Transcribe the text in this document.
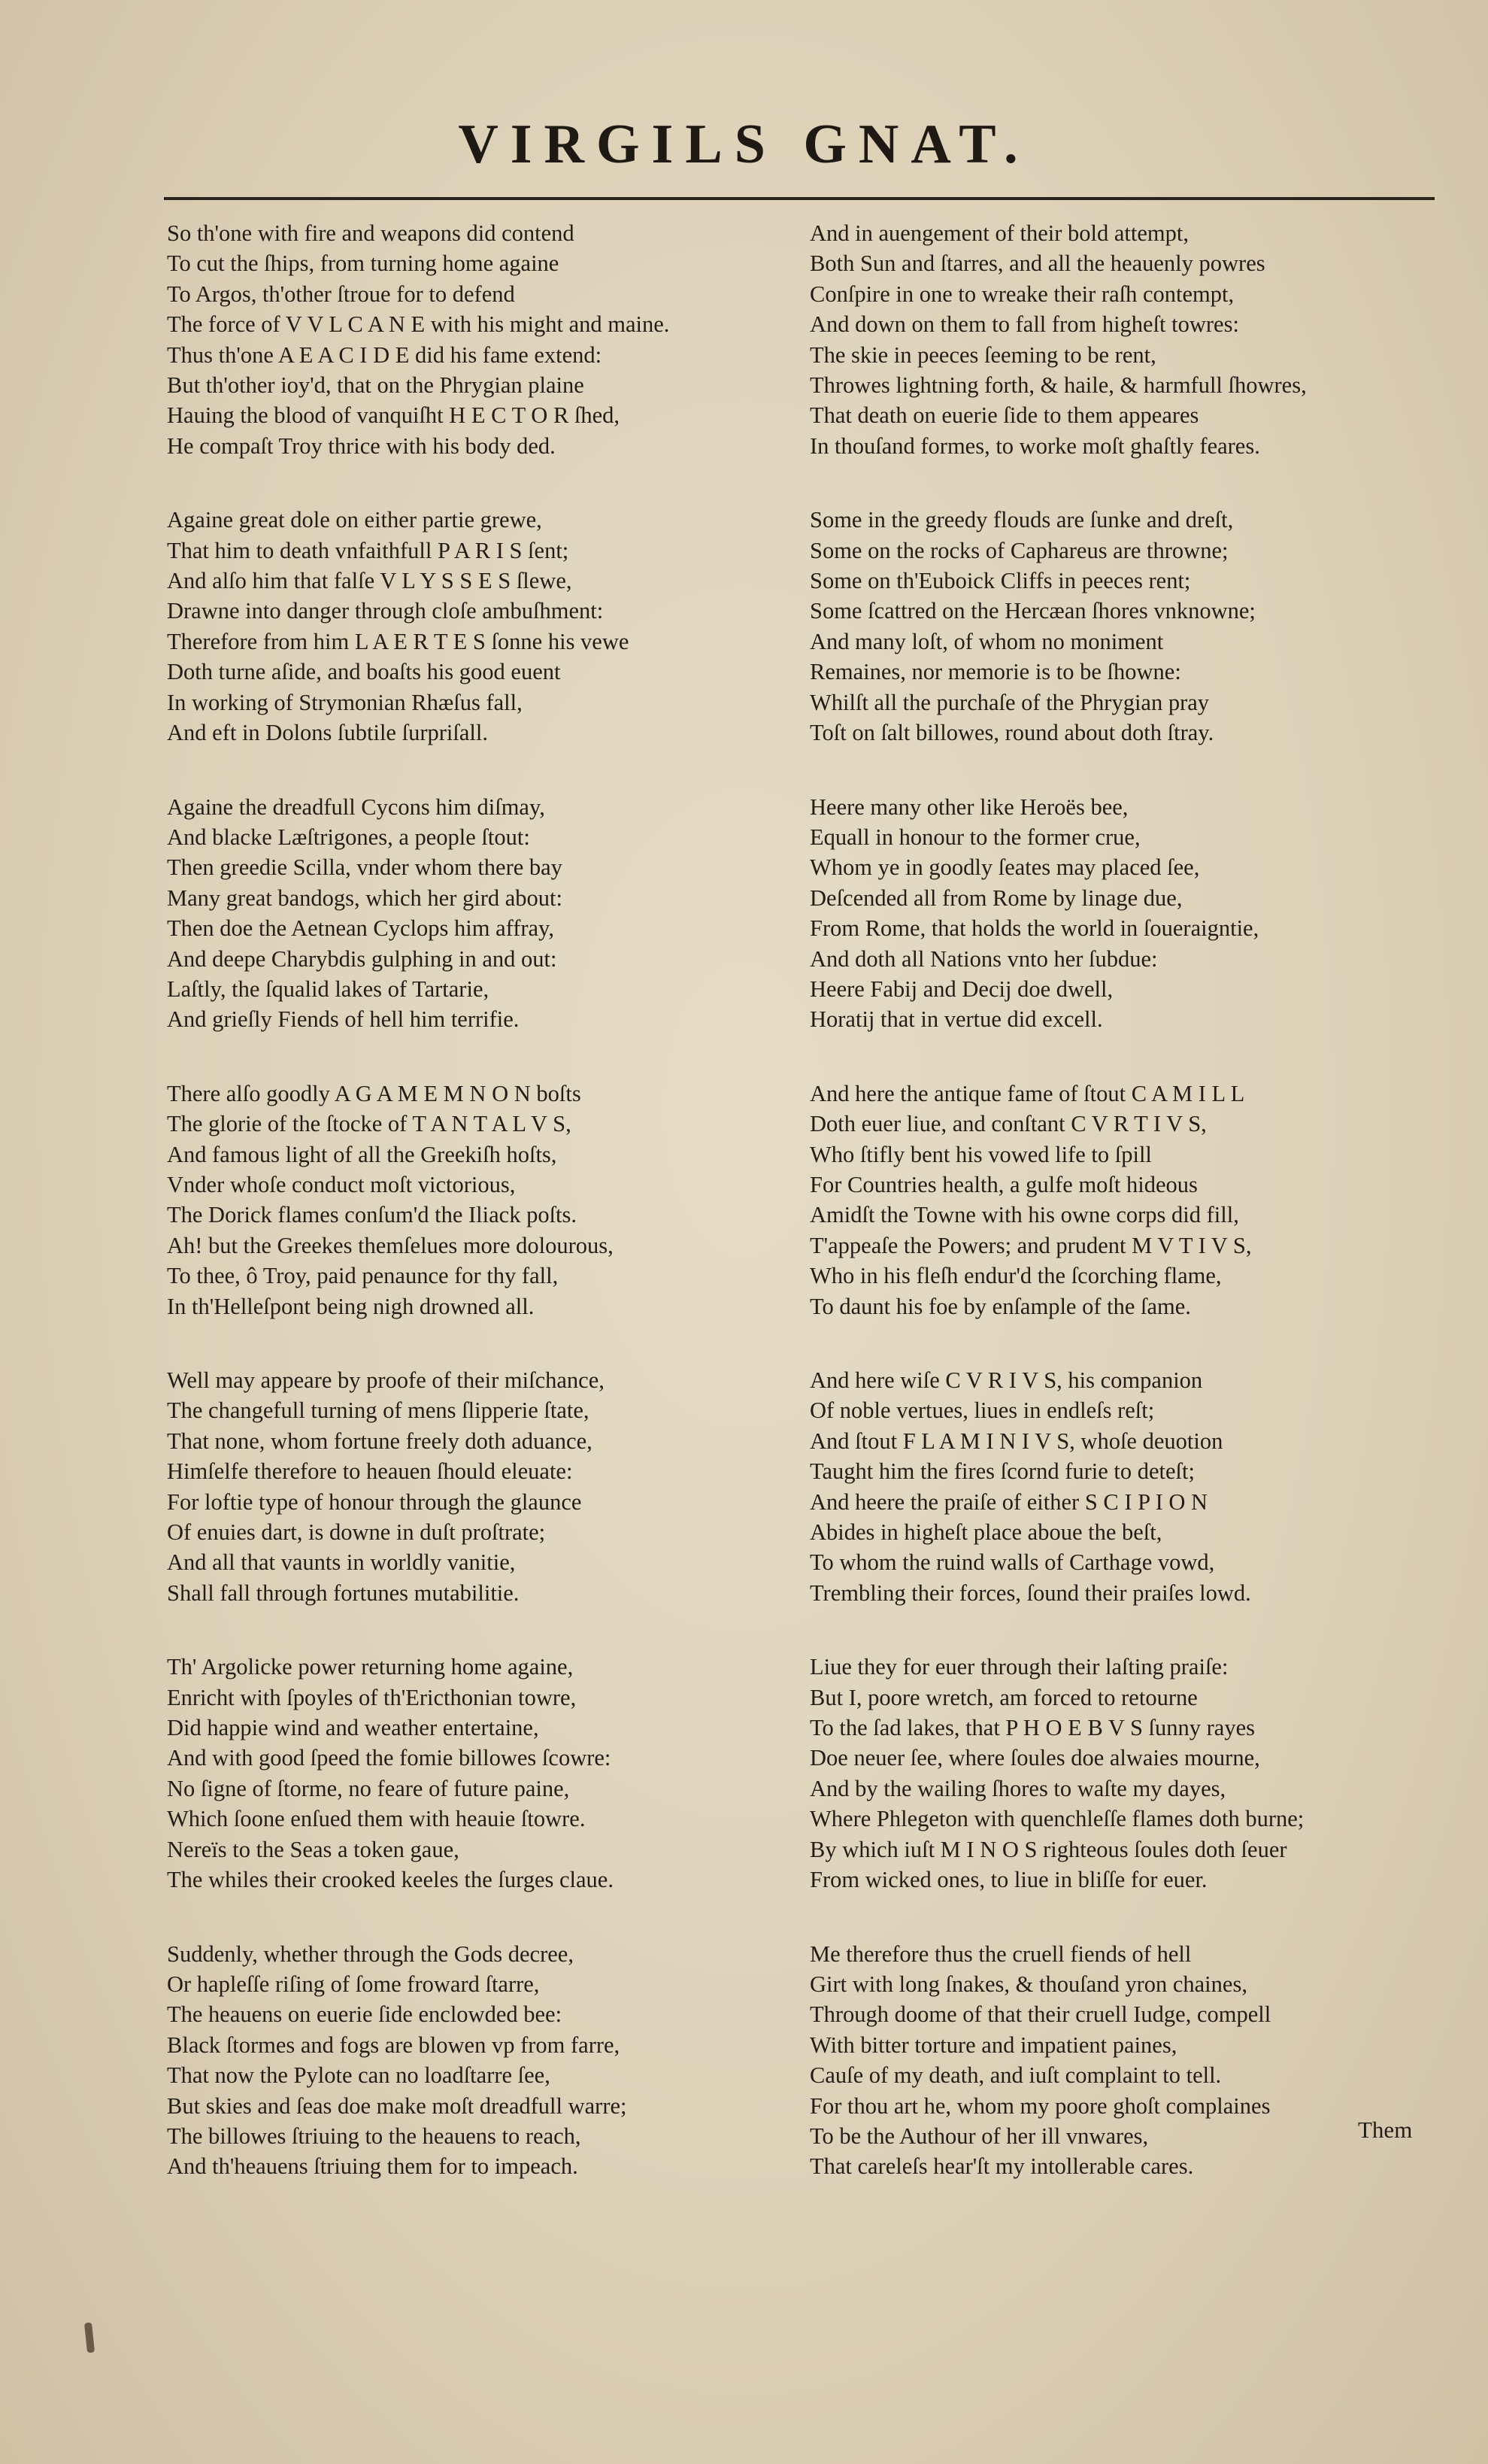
VIRGILS GNAT.
So th'one with fire and weapons did contend
To cut the ſhips, from turning home againe
To Argos, th'other ſtroue for to defend
The force of V V L C A N E with his might and maine.
Thus th'one A E A C I D E did his fame extend:
But th'other ioy'd, that on the Phrygian plaine
Hauing the blood of vanquiſht H E C T O R ſhed,
He compaſt Troy thrice with his body ded.
Againe great dole on either partie grewe,
That him to death vnfaithfull P A R I S ſent;
And alſo him that falſe V L Y S S E S ſlewe,
Drawne into danger through cloſe ambuſhment:
Therefore from him L A E R T E S ſonne his vewe
Doth turne aſide, and boaſts his good euent
In working of Strymonian Rhæſus fall,
And eft in Dolons ſubtile ſurpriſall.
Againe the dreadfull Cycons him diſmay,
And blacke Læſtrigones, a people ſtout:
Then greedie Scilla, vnder whom there bay
Many great bandogs, which her gird about:
Then doe the Aetnean Cyclops him affray,
And deepe Charybdis gulphing in and out:
Laſtly, the ſqualid lakes of Tartarie,
And grieſly Fiends of hell him terrifie.
There alſo goodly A G A M E M N O N boſts
The glorie of the ſtocke of T A N T A L V S,
And famous light of all the Greekiſh hoſts,
Vnder whoſe conduct moſt victorious,
The Dorick flames conſum'd the Iliack poſts.
Ah! but the Greekes themſelues more dolourous,
To thee, ô Troy, paid penaunce for thy fall,
In th'Helleſpont being nigh drowned all.
Well may appeare by proofe of their miſchance,
The changefull turning of mens ſlipperie ſtate,
That none, whom fortune freely doth aduance,
Himſelfe therefore to heauen ſhould eleuate:
For loftie type of honour through the glaunce
Of enuies dart, is downe in duſt proſtrate;
And all that vaunts in worldly vanitie,
Shall fall through fortunes mutabilitie.
Th' Argolicke power returning home againe,
Enricht with ſpoyles of th'Ericthonian towre,
Did happie wind and weather entertaine,
And with good ſpeed the fomie billowes ſcowre:
No ſigne of ſtorme, no feare of future paine,
Which ſoone enſued them with heauie ſtowre.
Nereïs to the Seas a token gaue,
The whiles their crooked keeles the ſurges claue.
Suddenly, whether through the Gods decree,
Or hapleſſe riſing of ſome froward ſtarre,
The heauens on euerie ſide enclowded bee:
Black ſtormes and fogs are blowen vp from farre,
That now the Pylote can no loadſtarre ſee,
But skies and ſeas doe make moſt dreadfull warre;
The billowes ſtriuing to the heauens to reach,
And th'heauens ſtriuing them for to impeach.
And in auengement of their bold attempt,
Both Sun and ſtarres, and all the heauenly powres
Conſpire in one to wreake their raſh contempt,
And down on them to fall from higheſt towres:
The skie in peeces ſeeming to be rent,
Throwes lightning forth, & haile, & harmfull ſhowres,
That death on euerie ſide to them appeares
In thouſand formes, to worke moſt ghaſtly feares.
Some in the greedy flouds are ſunke and dreſt,
Some on the rocks of Caphareus are throwne;
Some on th'Euboick Cliffs in peeces rent;
Some ſcattred on the Hercæan ſhores vnknowne;
And many loſt, of whom no moniment
Remaines, nor memorie is to be ſhowne:
Whilſt all the purchaſe of the Phrygian pray
Toſt on ſalt billowes, round about doth ſtray.
Heere many other like Heroës bee,
Equall in honour to the former crue,
Whom ye in goodly ſeates may placed ſee,
Deſcended all from Rome by linage due,
From Rome, that holds the world in ſoueraigntie,
And doth all Nations vnto her ſubdue:
Heere Fabij and Decij doe dwell,
Horatij that in vertue did excell.
And here the antique fame of ſtout C A M I L L
Doth euer liue, and conſtant C V R T I V S,
Who ſtifly bent his vowed life to ſpill
For Countries health, a gulfe moſt hideous
Amidſt the Towne with his owne corps did fill,
T'appeaſe the Powers; and prudent M V T I V S,
Who in his fleſh endur'd the ſcorching flame,
To daunt his foe by enſample of the ſame.
And here wiſe C V R I V S, his companion
Of noble vertues, liues in endleſs reſt;
And ſtout F L A M I N I V S, whoſe deuotion
Taught him the fires ſcornd furie to deteſt;
And heere the praiſe of either S C I P I O N
Abides in higheſt place aboue the beſt,
To whom the ruind walls of Carthage vowd,
Trembling their forces, ſound their praiſes lowd.
Liue they for euer through their laſting praiſe:
But I, poore wretch, am forced to retourne
To the ſad lakes, that P H O E B V S ſunny rayes
Doe neuer ſee, where ſoules doe alwaies mourne,
And by the wailing ſhores to waſte my dayes,
Where Phlegeton with quenchleſſe flames doth burne;
By which iuſt M I N O S righteous ſoules doth ſeuer
From wicked ones, to liue in bliſſe for euer.
Me therefore thus the cruell fiends of hell
Girt with long ſnakes, & thouſand yron chaines,
Through doome of that their cruell Iudge, compell
With bitter torture and impatient paines,
Cauſe of my death, and iuſt complaint to tell.
For thou art he, whom my poore ghoſt complaines
To be the Authour of her ill vnwares,
That careleſs hear'ſt my intollerable cares.
Them
